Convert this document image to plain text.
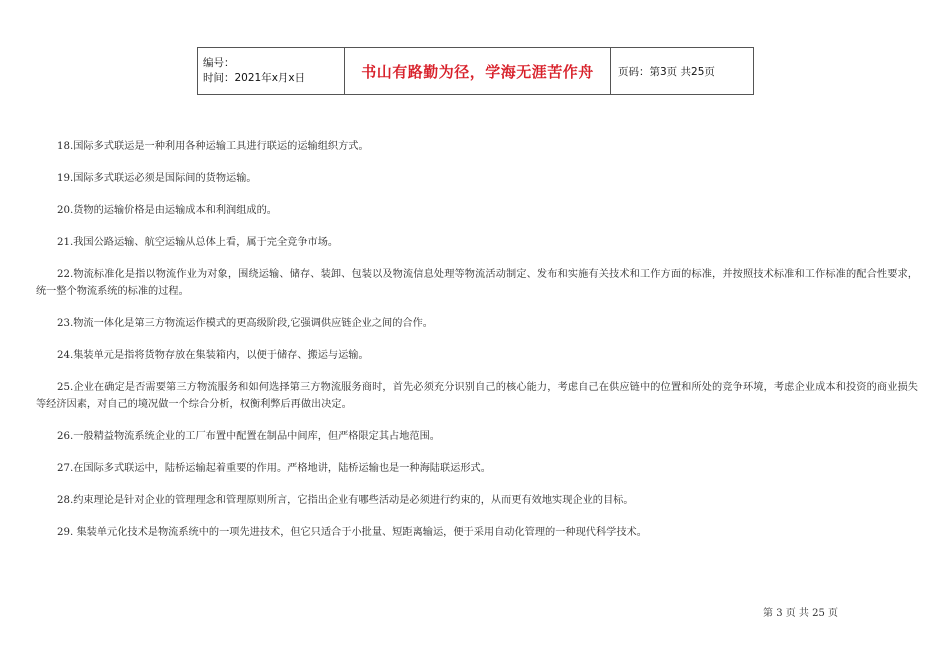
编号：
时间：2021年x月x日	书山有路勤为径，学海无涯苦作舟	页码：第3页 共25页

18.国际多式联运是一种利用各种运输工具进行联运的运输组织方式。

19.国际多式联运必须是国际间的货物运输。

20.货物的运输价格是由运输成本和利润组成的。

21.我国公路运输、航空运输从总体上看，属于完全竞争市场。

22.物流标准化是指以物流作业为对象，围绕运输、储存、装卸、包装以及物流信息处理等物流活动制定、发布和实施有关技术和工作方面的标准，并按照技术标准和工作标准的配合性要求，统一整个物流系统的标准的过程。

23.物流一体化是第三方物流运作模式的更高级阶段,它强调供应链企业之间的合作。

24.集装单元是指将货物存放在集装箱内，以便于储存、搬运与运输。

25.企业在确定是否需要第三方物流服务和如何选择第三方物流服务商时，首先必须充分识别自己的核心能力，考虑自己在供应链中的位置和所处的竞争环境，考虑企业成本和投资的商业损失等经济因素，对自己的境况做一个综合分析，权衡利弊后再做出决定。

26.一般精益物流系统企业的工厂布置中配置在制品中间库，但严格限定其占地范围。

27.在国际多式联运中，陆桥运输起着重要的作用。严格地讲，陆桥运输也是一种海陆联运形式。

28.约束理论是针对企业的管理理念和管理原则所言，它指出企业有哪些活动是必须进行约束的，从而更有效地实现企业的目标。

29. 集装单元化技术是物流系统中的一项先进技术，但它只适合于小批量、短距离输运，便于采用自动化管理的一种现代科学技术。

第 3 页 共 25 页
